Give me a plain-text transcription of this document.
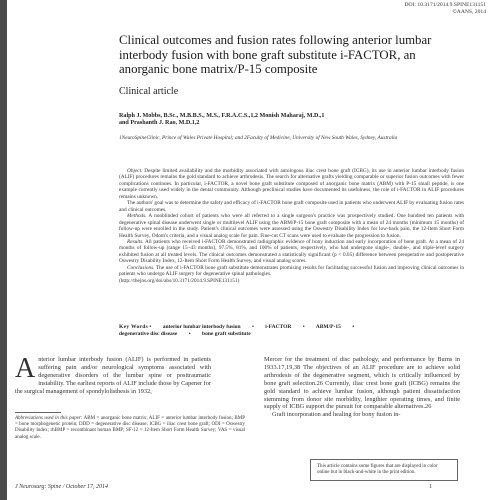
DOI: 10.3171/2014.9.SPINE131151
©AANS, 2014
Clinical outcomes and fusion rates following anterior lumbar interbody fusion with bone graft substitute i-FACTOR, an anorganic bone matrix/P-15 composite
Clinical article
Ralph J. Mobbs, B.Sc., M.B.B.S., M.S., F.R.A.C.S.,1,2 Monish Maharaj, M.D.,1
and Prashanth J. Rao, M.D.1,2
1NeuroSpineClinic, Prince of Wales Private Hospital; and 2Faculty of Medicine, University of New South Wales, Sydney, Australia

Object. Despite limited availability and the morbidity associated with autologous iliac crest bone graft (ICBG), its use in anterior lumbar interbody fusion (ALIF) procedures remains the gold standard to achieve arthrodesis. The search for alternative grafts yielding comparable or superior fusion outcomes with fewer complications continues. In particular, i-FACTOR, a novel bone graft substitute composed of anorganic bone matrix (ABM) with P-15 small peptide, is one example currently used widely in the dental community. Although preclinical studies have documented its usefulness, the role of i-FACTOR in ALIF procedures remains unknown.

The authors' goal was to determine the safety and efficacy of i-FACTOR bone graft composite used in patients who underwent ALIF by evaluating fusion rates and clinical outcomes.

Methods. A nonblinded cohort of patients who were all referred to a single surgeon's practice was prospectively studied. One hundred ten patients with degenerative spinal disease underwent single or multilevel ALIF using the ABM/P-15 bone graft composite with a mean of 24 months (minimum 15 months) of follow-up were enrolled in the study. Patient's clinical outcomes were assessed using the Oswestry Disability Index for low-back pain, the 12-Item Short Form Health Survey, Odom's criteria, and a visual analog scale for pain. Fine-cut CT scans were used to evaluate the progression to fusion.

Results. All patients who received i-FACTOR demonstrated radiographic evidence of bony induction and early incorporation of bone graft. At a mean of 24 months of follow-up (range 15–43 months), 97.5%, 81%, and 100% of patients, respectively, who had undergone single-, double-, and triple-level surgery exhibited fusion at all treated levels. The clinical outcomes demonstrated a statistically significant (p < 0.05) difference between preoperative and postoperative Oswestry Disability Index, 12-Item Short Form Health Survey, and visual analog scores.

Conclusions. The use of i-FACTOR bone graft substitute demonstrates promising results for facilitating successful fusion and improving clinical outcomes in patients who undergo ALIF surgery for degenerative spinal pathologies.

(http://thejns.org/doi/abs/10.3171/2014.9.SPINE131151)

Key Words • anterior lumbar interbody fusion • i-FACTOR • ABM/P-15 •
degenerative disc disease • bone graft substitute

Anterior lumbar interbody fusion (ALIF) is performed in patients suffering pain and/or neurological symptoms associated with degenerative disorders of the lumbar spine or posttraumatic instability. The earliest reports of ALIF include those by Capener for the surgical management of spondylolisthesis in 1932,

Mercer for the treatment of disc pathology, and performance by Burns in 1933.17,19,38 The objectives of an ALIF procedure are to achieve solid arthrodesis of the degenerative segment, which is critically influenced by bone graft selection.26 Currently, iliac crest bone graft (ICBG) remains the gold standard to achieve lumbar fusion, although patient dissatisfaction stemming from donor site morbidity, lengthier operating times, and finite supply of ICBG support the pursuit for comparable alternatives.26

Graft incorporation and healing for bony fusion in-

Abbreviations used in this paper: ABM = anorganic bone matrix; ALIF = anterior lumbar interbody fusion; BMP = bone morphogenetic protein; DDD = degenerative disc disease; ICBG = iliac crest bone graft; ODI = Oswestry Disability Index; rhBMP = recombinant human BMP; SF-12 = 12-Item Short Form Health Survey; VAS = visual analog scale.
This article contains some figures that are displayed in color online but in black-and-white in the print edition.
J Neurosurg: Spine / October 17, 2014	1
